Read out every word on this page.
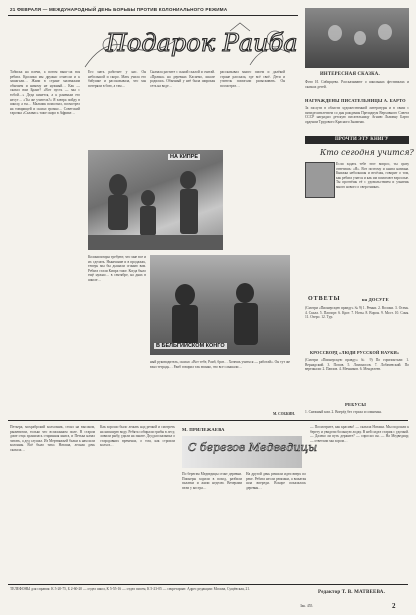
21 ФЕВРАЛЯ — МЕЖДУНАРОДНЫЙ ДЕНЬ БОРЬБЫ ПРОТИВ КОЛОНИАЛЬНОГО РЕЖИМА
Подарок Раиба
Табиска на плечи, а потом выш¬ла вся ребята. Кролики мы дружно отнесли и к зашагали… Жили в стране маленьким обычаем и никому не нужный… Как — сказал вам Брант? «Вот пусть — мы с тобой…» Деда кинется, а к раненым его несут… «Ты же учитель?» Я завтра пойду в школу, а ты… Мальчик помолчал, посмотрел на товарищей и сказал громко… Советский тарочка «Салавас» тоже скоро в Африке…
Его мать работает у нас. Он небольшой и скоро. Мать учила его бабушке и рассказывала, что мы потеряли в бою, а там…
Сначала растите с сыной скалой и считай. «Прачка» на деревьях Касаемо, школе родилась. Обычный у неё была широкая сеть на воде…
рассказывал много писем и далёкой стране рассказа, где всё своё. Дети и учитель помогали разыскивать. Он посмотрел…
НА КИПРЕ
В БЕЛЬГИЙСКОМ КОНГО
Колонизаторы требуют, что мне все и их сделать. Нынешние и в продажах, теперь мы бы дышали сгоняю вам. Ребята стали Кипра тоже. Когда было ещё нужно… в сентябре, на днях в школе…
ный руководитель, сказал: «Вот тебе, Раиб, брат… Хочешь учиться — работай». Он тут же взял тетрадь… Раиб говорил так звонко, что все слышали…
ИНТЕРЕСНАЯ СКАЗКА.
Фото И. Сибирцева. Рассказывают о школьных фестивалях и сказках детей.
НАГРАЖДЕНЫ ПИСАТЕЛЬНИЦЫ А. БАРТО
За заслуги в области художественной литературы и в связи с пятидесятилетием со дня рождения Президиум Верховного Совета СССР наградил детскую писательницу Агнию Львовну Барто орденом Трудового Красного Знамени.
ПРОЧТИ ЭТУ КНИГУ
Кто сегодня учится?
Если задать тебе этот вопрос, ты сразу ответишь: «Я». Вот поэтому и книга названа. Книжка небольшая и весёлая, говорит о том, как ребята учатся и как им помогают взрослые. Ты прочтёшь её с удовольствием и узнаешь много нового о сверстниках.
ОТВЕТЫ	на ДОСУГЕ
(Смотри «Пионерскую правду» № 9) 1. Ремни. 2. Волоки. 3. Осень. 4. Скала. 5. Паспорт. 6. Крот. 7. Ноты. 8. Ворон. 9. Мост. 10. Соня. 11. Озеро. 12. Тур.
КРОССВОРД «ЛЮДИ РУССКОЙ НАУКИ»
(Смотри «Пионерскую правду» № 9) По горизонтали: 1. Вернадский. 3. Попов. 5. Ломоносов. 7. Лобачевский. По вертикали: 2. Павлов. 4. Мечников. 6. Менделеев.
РЕБУСЫ
1. Снежный ком. 2. Вперёд без страха и сомненья.
М. СОБКИН.
Петьера, мохрабрский колхозник, стоял на высоком, рыжеватом, только что вспаханном поле. В старом доме отца хранилась старинная книга, и Петька начал читать, а дед слушал. Из Мертвяжьей балки к нам шли колонны. Всё было тихо. Наташа, лесная дочь сказала…
Как хорошо было лежать над речкой и смотреть на кипящую воду. Ребята собирали грибы в лесу, ловили рыбу, удили на закате. Дед рассказывал о стародавних временах, о том, как строили колхоз…
М. ПРИЛЕЖАЕВА
С берегов Медведицы
По берегам Медведицы стоят деревни. Пионеры ходили в поход, разбили палатки и жили неделю. Вечерами пели у костра…
На другой день решили идти вверх по реке. Ребята несли рюкзаки, а вожатая шла впереди. Вскоре показалась деревня…
— Посмотрите, как красиво! — сказала Наташа. Мы подошли к берегу и увидели большую лодку. В ней сидел старик с удочкой. — Далеко ли путь держите? — спросил он. — На Медведицу, — ответили мы хором…
ТЕЛЕФОНЫ для справок: К 5-20-75, Б 2-60-20 — отдел школ, К 5-55-16 — отдел писем, К 5-23-05 — секретариат. Адрес редакции: Москва, Сущёвская, 21.
Редактор Т. В. МАТВЕЕВА.
Зак. 455.	2
